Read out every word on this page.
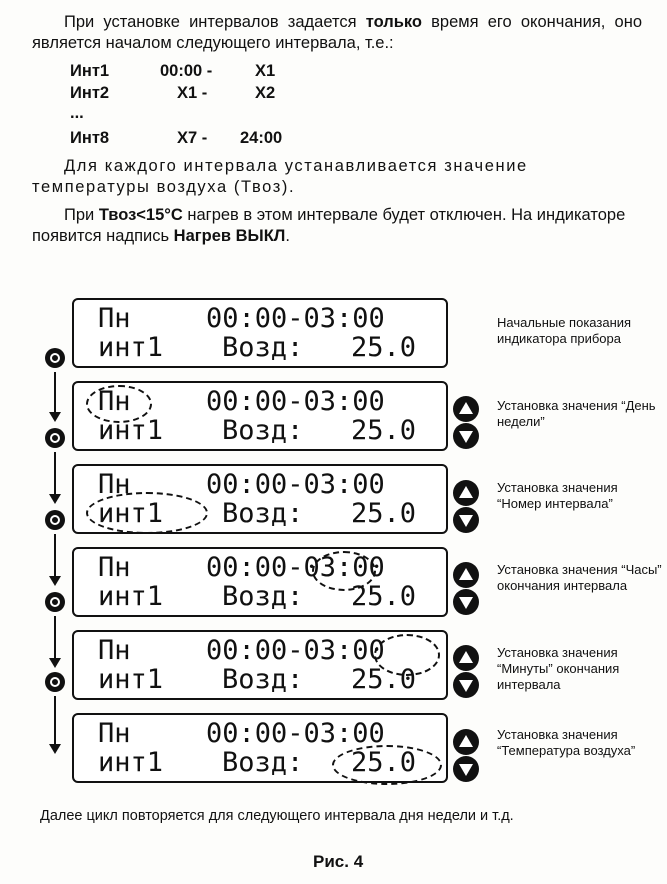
При установке интервалов задается только время его окончания, оно является началом следующего интервала, т.е.:
Инт1	00:00 -	Х1
Инт2	Х1 -	Х2
...
Инт8	Х7 - 24:00
Для каждого интервала устанавливается значение температуры воздуха (Твоз).
При Твоз<15°С нагрев в этом интервале будет отключен. На индикаторе появится надпись Нагрев ВЫКЛ.
Пн	00:00-03:00
инт1 Возд: 25.0
Пн	00:00-03:00
инт1 Возд: 25.0
Пн	00:00-03:00
инт1 Возд: 25.0
Пн	00:00-03:00
инт1 Возд: 25.0
Пн	00:00-03:00
инт1 Возд: 25.0
Пн	00:00-03:00
инт1 Возд: 25.0
Начальные показания индикатора прибора
Установка значения “День недели”
Установка значения “Номер интервала”
Установка значения “Часы” окончания интервала
Установка значения “Минуты” окончания интервала
Установка значения “Температура воздуха”
Далее цикл повторяется для следующего интервала дня недели и т.д.
Рис. 4
